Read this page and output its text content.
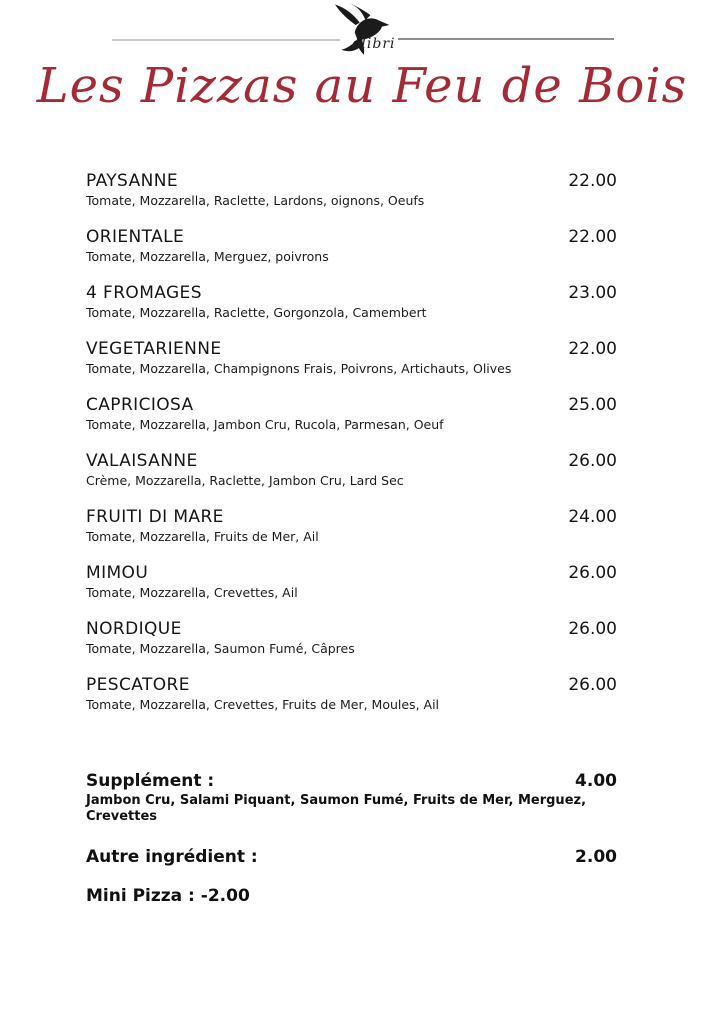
olibri
Les Pizzas au Feu de Bois
PAYSANNE	22.00
Tomate, Mozzarella, Raclette, Lardons, oignons, Oeufs
ORIENTALE	22.00
Tomate, Mozzarella, Merguez, poivrons
4 FROMAGES	23.00
Tomate, Mozzarella, Raclette, Gorgonzola, Camembert
VEGETARIENNE	22.00
Tomate, Mozzarella, Champignons Frais, Poivrons, Artichauts, Olives
CAPRICIOSA	25.00
Tomate, Mozzarella, Jambon Cru, Rucola, Parmesan, Oeuf
VALAISANNE	26.00
Crème, Mozzarella, Raclette, Jambon Cru, Lard Sec
FRUITI DI MARE	24.00
Tomate, Mozzarella, Fruits de Mer, Ail
MIMOU	26.00
Tomate, Mozzarella, Crevettes, Ail
NORDIQUE	26.00
Tomate, Mozzarella, Saumon Fumé, Câpres
PESCATORE	26.00
Tomate, Mozzarella, Crevettes, Fruits de Mer, Moules, Ail
Supplément :	4.00
Jambon Cru, Salami Piquant, Saumon Fumé, Fruits de Mer, Merguez, Crevettes
Autre ingrédient :	2.00
Mini Pizza : -2.00
